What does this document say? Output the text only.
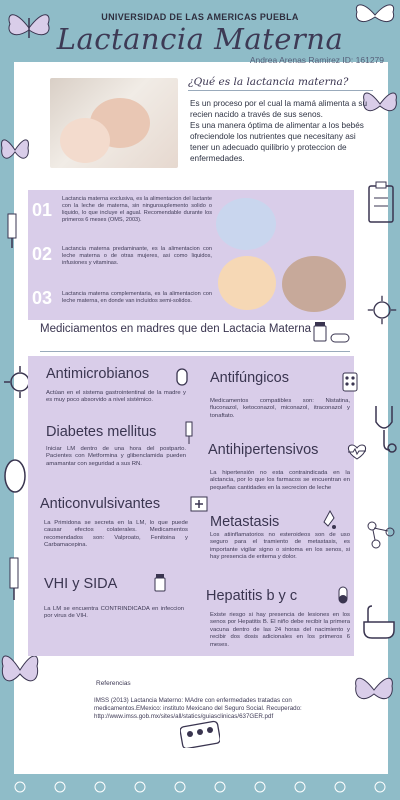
UNIVERSIDAD DE LAS AMERICAS PUEBLA
Lactancia Materna
Andrea Arenas Ramirez ID: 161279
¿Qué es la lactancia materna?

Es un proceso por el cual la mamá alimenta a su recien nacido a través de sus senos.

Es una manera óptima de alimentar a los bebés ofreciendole los nutrientes que necesitany asi tener un adecuado quilibrio y proteccion de enfermedades.

01
Lactancia materna exclusiva, es la alimentacion del lactante con la leche de materna, sin ningunsuplemento solido o liquido, lo que incluye el agual. Recomendable durante los primeros 6 meses (OMS, 2003).
02 Lactancia materna predaminante, es la alimentacion con leche materna o de otras mujeres, asi como liquidos, infusiones y vitaminas.
03 Lactancia materna complementaria, es la alimentacion con leche materna, en donde van incluidos semi-solidos.
Mediciamentos en madres que den Lactacia Materna
Antimicrobianos
Actúan en el sistema gastrointentinal de la madre y es muy poco absorvido a nivel sistémico.
Diabetes mellitus
Iniciar LM dentro de una hora del postparto. Pacientes con Metformina y glibenclamida pueden amamantar con seguridad a sus RN.
Anticonvulsivantes
La Primidona se secreta en la LM, lo que puede causar efectos colaterales. Medicamentos recomendados son: Valproato, Fenitoina y Carbamacepina.
VHI y SIDA
La LM se encuentra CONTRINDICADA en infeccion por virus de VIH.
Antifúngicos
Medicamentos compatibles son: Nistatina, fluconazol, ketoconazol, miconazol, itraconazol y tonaftato.
Antihipertensivos
La hipertensión no esta contraindicada en la alctancia, por lo que los farmacos se encuentran en pequeñas cantidades en la secrecion de leche
Metastasis
Los atiinflamatorios no esteroideos son de uso seguro para el tramiento de metastasis, es importante vigilar signo o sintoma en los senos, si hay presencia de eritema y dolor.
Hepatitis b y c
Existe riesgo si hay presencia de lesiones en los senos por Hepatitis B. El niño debe recibir la primera vacuna dentro de las 24 horas del nacimiento y recibir dos dosis adicionales en los primeros 6 meses.
Referencias
IMSS (2013) Lactancia Materno: MAdre con enfermedades tratadas con medicamentos.EMexico: instituto Mexicano del Seguro Social. Recuperado: http://www.imss.gob.mx/sites/all/statics/guiasclinicas/637GER.pdf
